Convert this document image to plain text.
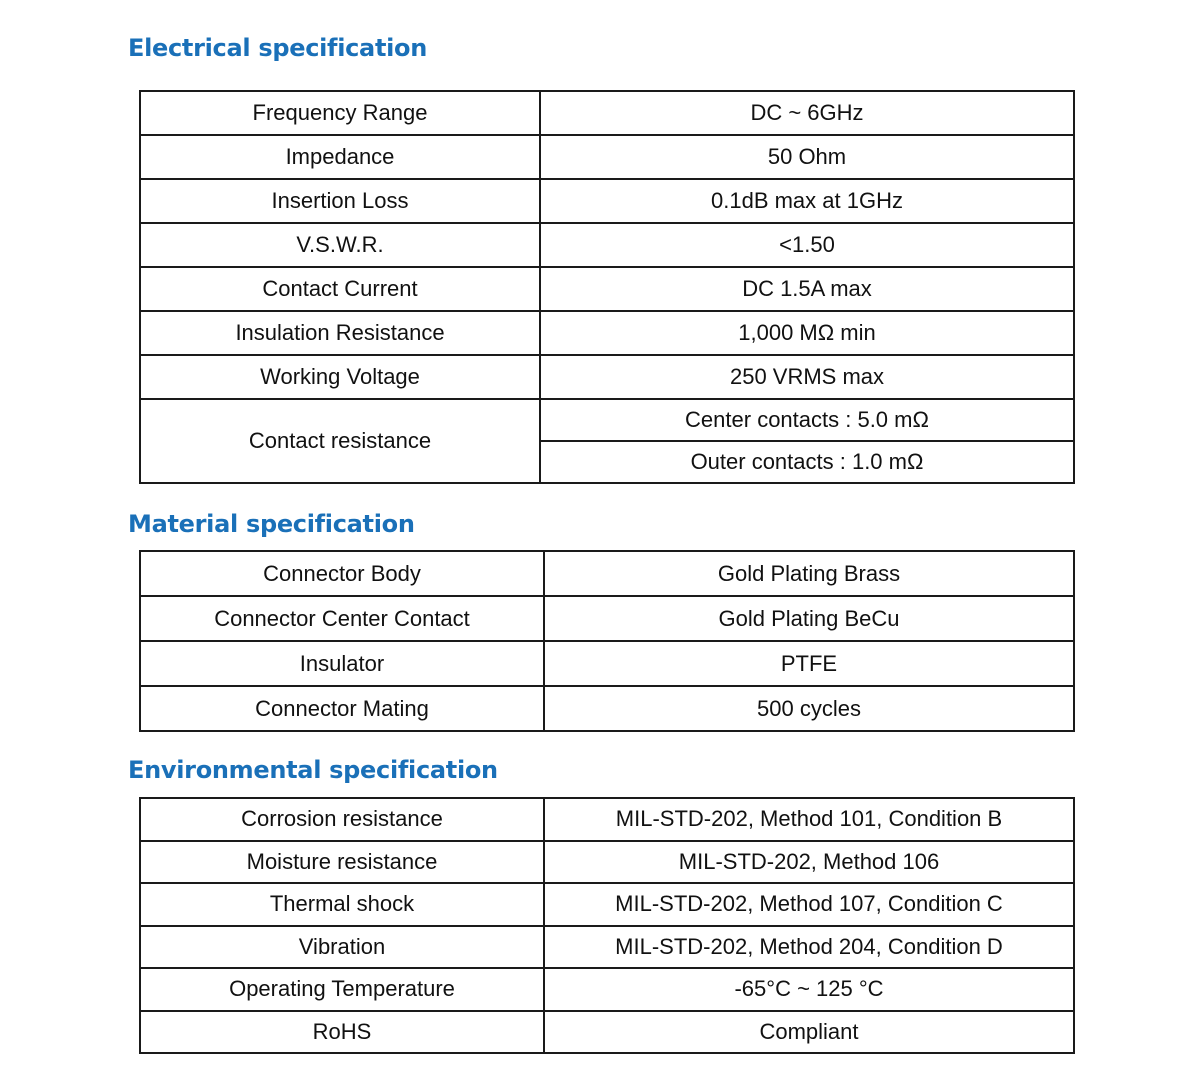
Electrical specification
Frequency Range	DC ~ 6GHz
Impedance	50 Ohm
Insertion Loss	0.1dB max at 1GHz
V.S.W.R.	<1.50
Contact Current	DC 1.5A max
Insulation Resistance	1,000 MΩ min
Working Voltage	250 VRMS max
Contact resistance	Center contacts : 5.0 mΩ
	Outer contacts : 1.0 mΩ
Material specification
Connector Body	Gold Plating Brass
Connector Center Contact	Gold Plating BeCu
Insulator	PTFE
Connector Mating	500 cycles
Environmental specification
Corrosion resistance	MIL-STD-202, Method 101, Condition B
Moisture resistance	MIL-STD-202, Method 106
Thermal shock	MIL-STD-202, Method 107, Condition C
Vibration	MIL-STD-202, Method 204, Condition D
Operating Temperature	-65°C ~ 125 °C
RoHS	Compliant
